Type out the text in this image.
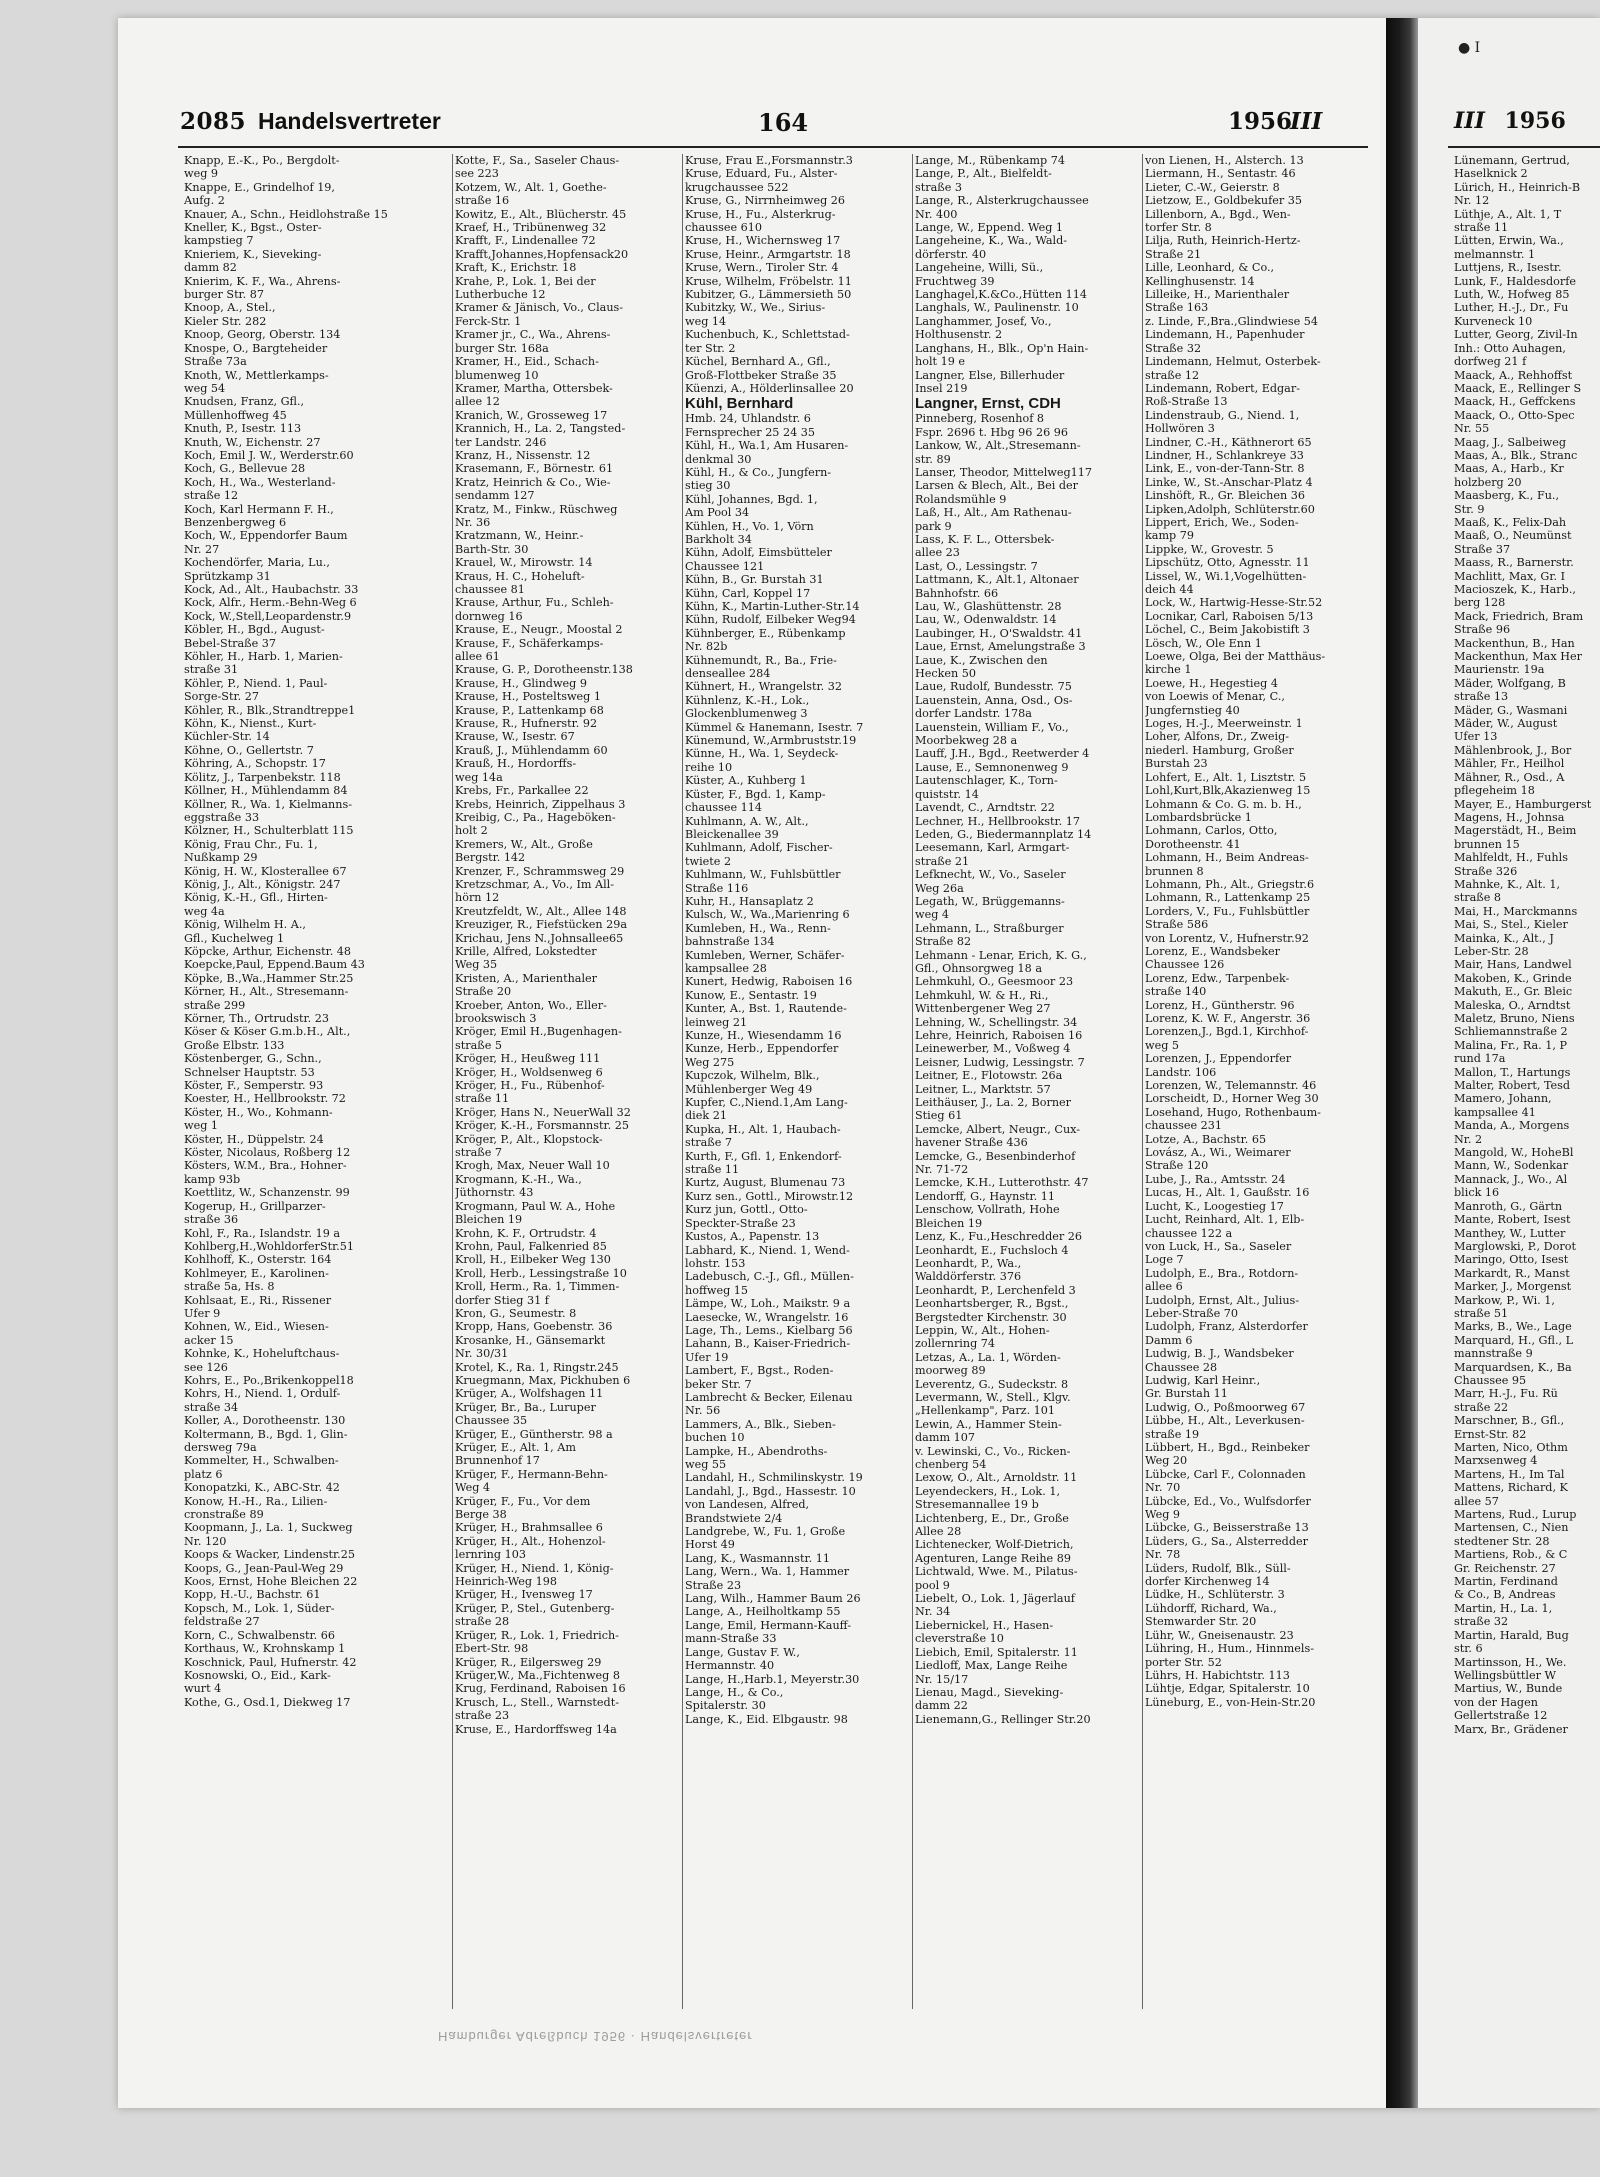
2085 Handelsvertreter	164	1956
III
Knapp, E.-K., Po., Bergdolt-
weg 9
Knappe, E., Grindelhof 19,
Aufg. 2
Knauer, A., Schn., Heidlohstraße 15
Kneller, K., Bgst., Oster-
kampstieg 7
Knieriem, K., Sieveking-
damm 82
Knierim, K. F., Wa., Ahrens-
burger Str. 87
Knoop, A., Stel.,
Kieler Str. 282
Knoop, Georg, Oberstr. 134
Knospe, O., Bargteheider
Straße 73a
Knoth, W., Mettlerkamps-
weg 54
Knudsen, Franz, Gfl.,
Müllenhoffweg 45
Knuth, P., Isestr. 113
Knuth, W., Eichenstr. 27
Koch, Emil J. W., Werderstr.60
Koch, G., Bellevue 28
Koch, H., Wa., Westerland-
straße 12
Koch, Karl Hermann F. H.,
Benzenbergweg 6
Koch, W., Eppendorfer Baum
Nr. 27
Kochendörfer, Maria, Lu.,
Sprützkamp 31
Kock, Ad., Alt., Haubachstr. 33
Kock, Alfr., Herm.-Behn-Weg 6
Kock, W.,Stell,Leopardenstr.9
Köbler, H., Bgd., August-
Bebel-Straße 37
Köhler, H., Harb. 1, Marien-
straße 31
Köhler, P., Niend. 1, Paul-
Sorge-Str. 27
Köhler, R., Blk.,Strandtreppe1
Köhn, K., Nienst., Kurt-
Küchler-Str. 14
Köhne, O., Gellertstr. 7
Köhring, A., Schopstr. 17
Kölitz, J., Tarpenbekstr. 118
Köllner, H., Mühlendamm 84
Köllner, R., Wa. 1, Kielmanns-
eggstraße 33
Kölzner, H., Schulterblatt 115
König, Frau Chr., Fu. 1,
Nußkamp 29
König, H. W., Klosterallee 67
König, J., Alt., Königstr. 247
König, K.-H., Gfl., Hirten-
weg 4a
König, Wilhelm H. A.,
Gfl., Kuchelweg 1
Köpcke, Arthur, Eichenstr. 48
Koepcke,Paul, Eppend.Baum 43
Köpke, B.,Wa.,Hammer Str.25
Körner, H., Alt., Stresemann-
straße 299
Körner, Th., Ortrudstr. 23
Köser & Köser G.m.b.H., Alt.,
Große Elbstr. 133
Köstenberger, G., Schn.,
Schnelser Hauptstr. 53
Köster, F., Semperstr. 93
Koester, H., Hellbrookstr. 72
Köster, H., Wo., Kohmann-
weg 1
Köster, H., Düppelstr. 24
Köster, Nicolaus, Roßberg 12
Kösters, W.M., Bra., Hohner-
kamp 93b
Koettlitz, W., Schanzenstr. 99
Kogerup, H., Grillparzer-
straße 36
Kohl, F., Ra., Islandstr. 19 a
Kohlberg,H.,WohldorferStr.51
Kohlhoff, K., Osterstr. 164
Kohlmeyer, E., Karolinen-
straße 5a, Hs. 8
Kohlsaat, E., Ri., Rissener
Ufer 9
Kohnen, W., Eid., Wiesen-
acker 15
Kohnke, K., Hoheluftchaus-
see 126
Kohrs, E., Po.,Brikenkoppel18
Kohrs, H., Niend. 1, Ordulf-
straße 34
Koller, A., Dorotheenstr. 130
Koltermann, B., Bgd. 1, Glin-
dersweg 79a
Kommelter, H., Schwalben-
platz 6
Konopatzki, K., ABC-Str. 42
Konow, H.-H., Ra., Lilien-
cronstraße 89
Koopmann, J., La. 1, Suckweg
Nr. 120
Koops & Wacker, Lindenstr.25
Koops, G., Jean-Paul-Weg 29
Koos, Ernst, Hohe Bleichen 22
Kopp, H.-U., Bachstr. 61
Kopsch, M., Lok. 1, Süder-
feldstraße 27
Korn, C., Schwalbenstr. 66
Korthaus, W., Krohnskamp 1
Koschnick, Paul, Hufnerstr. 42
Kosnowski, O., Eid., Kark-
wurt 4
Kothe, G., Osd.1, Diekweg 17
Kotte, F., Sa., Saseler Chaus-
see 223
Kotzem, W., Alt. 1, Goethe-
straße 16
Kowitz, E., Alt., Blücherstr. 45
Kraef, H., Tribünenweg 32
Krafft, F., Lindenallee 72
Krafft,Johannes,Hopfensack20
Kraft, K., Erichstr. 18
Krahe, P., Lok. 1, Bei der
Lutherbuche 12
Kramer & Jänisch, Vo., Claus-
Ferck-Str. 1
Kramer jr., C., Wa., Ahrens-
burger Str. 168a
Kramer, H., Eid., Schach-
blumenweg 10
Kramer, Martha, Ottersbek-
allee 12
Kranich, W., Grosseweg 17
Krannich, H., La. 2, Tangsted-
ter Landstr. 246
Kranz, H., Nissenstr. 12
Krasemann, F., Börnestr. 61
Kratz, Heinrich & Co., Wie-
sendamm 127
Kratz, M., Finkw., Rüschweg
Nr. 36
Kratzmann, W., Heinr.-
Barth-Str. 30
Krauel, W., Mirowstr. 14
Kraus, H. C., Hoheluft-
chaussee 81
Krause, Arthur, Fu., Schleh-
dornweg 16
Krause, E., Neugr., Moostal 2
Krause, F., Schäferkamps-
allee 61
Krause, G. P., Dorotheenstr.138
Krause, H., Glindweg 9
Krause, H., Posteltsweg 1
Krause, P., Lattenkamp 68
Krause, R., Hufnerstr. 92
Krause, W., Isestr. 67
Krauß, J., Mühlendamm 60
Krauß, H., Hordorffs-
weg 14a
Krebs, Fr., Parkallee 22
Krebs, Heinrich, Zippelhaus 3
Kreibig, C., Pa., Hageböken-
holt 2
Kremers, W., Alt., Große
Bergstr. 142
Krenzer, F., Schrammsweg 29
Kretzschmar, A., Vo., Im All-
hörn 12
Kreutzfeldt, W., Alt., Allee 148
Kreuziger, R., Fiefstücken 29a
Krichau, Jens N.,Johnsallee65
Krille, Alfred, Lokstedter
Weg 35
Kristen, A., Marienthaler
Straße 20
Kroeber, Anton, Wo., Eller-
brookswisch 3
Kröger, Emil H.,Bugenhagen-
straße 5
Kröger, H., Heußweg 111
Kröger, H., Woldsenweg 6
Kröger, H., Fu., Rübenhof-
straße 11
Kröger, Hans N., NeuerWall 32
Kröger, K.-H., Forsmannstr. 25
Kröger, P., Alt., Klopstock-
straße 7
Krogh, Max, Neuer Wall 10
Krogmann, K.-H., Wa.,
Jüthornstr. 43
Krogmann, Paul W. A., Hohe
Bleichen 19
Krohn, K. F., Ortrudstr. 4
Krohn, Paul, Falkenried 85
Kroll, H., Eilbeker Weg 130
Kroll, Herb., Lessingstraße 10
Kroll, Herm., Ra. 1, Timmen-
dorfer Stieg 31 f
Kron, G., Seumestr. 8
Kropp, Hans, Goebenstr. 36
Krosanke, H., Gänsemarkt
Nr. 30/31
Krotel, K., Ra. 1, Ringstr.245
Kruegmann, Max, Pickhuben 6
Krüger, A., Wolfshagen 11
Krüger, Br., Ba., Luruper
Chaussee 35
Krüger, E., Güntherstr. 98 a
Krüger, E., Alt. 1, Am
Brunnenhof 17
Krüger, F., Hermann-Behn-
Weg 4
Krüger, F., Fu., Vor dem
Berge 38
Krüger, H., Brahmsallee 6
Krüger, H., Alt., Hohenzol-
lernring 103
Krüger, H., Niend. 1, König-
Heinrich-Weg 198
Krüger, H., Ivensweg 17
Krüger, P., Stel., Gutenberg-
straße 28
Krüger, R., Lok. 1, Friedrich-
Ebert-Str. 98
Krüger, R., Eilgersweg 29
Krüger,W., Ma.,Fichtenweg 8
Krug, Ferdinand, Raboisen 16
Krusch, L., Stell., Warnstedt-
straße 23
Kruse, E., Hardorffsweg 14a
Kruse, Frau E.,Forsmannstr.3
Kruse, Eduard, Fu., Alster-
krugchaussee 522
Kruse, G., Nirrnheimweg 26
Kruse, H., Fu., Alsterkrug-
chaussee 610
Kruse, H., Wichernsweg 17
Kruse, Heinr., Armgartstr. 18
Kruse, Wern., Tiroler Str. 4
Kruse, Wilhelm, Fröbelstr. 11
Kubitzer, G., Lämmersieth 50
Kubitzky, W., We., Sirius-
weg 14
Kuchenbuch, K., Schlettstad-
ter Str. 2
Küchel, Bernhard A., Gfl.,
Groß-Flottbeker Straße 35
Küenzi, A., Hölderlinsallee 20
Kühl, Bernhard
Hmb. 24, Uhlandstr. 6
Fernsprecher 25 24 35
Kühl, H., Wa.1, Am Husaren-
denkmal 30
Kühl, H., & Co., Jungfern-
stieg 30
Kühl, Johannes, Bgd. 1,
Am Pool 34
Kühlen, H., Vo. 1, Vörn
Barkholt 34
Kühn, Adolf, Eimsbütteler
Chaussee 121
Kühn, B., Gr. Burstah 31
Kühn, Carl, Koppel 17
Kühn, K., Martin-Luther-Str.14
Kühn, Rudolf, Eilbeker Weg94
Kühnberger, E., Rübenkamp
Nr. 82b
Kühnemundt, R., Ba., Frie-
denseallee 284
Kühnert, H., Wrangelstr. 32
Kühnlenz, K.-H., Lok.,
Glockenblumenweg 3
Kümmel & Hanemann, Isestr. 7
Künemund, W.,Armbruststr.19
Künne, H., Wa. 1, Seydeck-
reihe 10
Küster, A., Kuhberg 1
Küster, F., Bgd. 1, Kamp-
chaussee 114
Kuhlmann, A. W., Alt.,
Bleickenallee 39
Kuhlmann, Adolf, Fischer-
twiete 2
Kuhlmann, W., Fuhlsbüttler
Straße 116
Kuhr, H., Hansaplatz 2
Kulsch, W., Wa.,Marienring 6
Kumleben, H., Wa., Renn-
bahnstraße 134
Kumleben, Werner, Schäfer-
kampsallee 28
Kunert, Hedwig, Raboisen 16
Kunow, E., Sentastr. 19
Kunter, A., Bst. 1, Rautende-
leinweg 21
Kunze, H., Wiesendamm 16
Kunze, Herb., Eppendorfer
Weg 275
Kupczok, Wilhelm, Blk.,
Mühlenberger Weg 49
Kupfer, C.,Niend.1,Am Lang-
diek 21
Kupka, H., Alt. 1, Haubach-
straße 7
Kurth, F., Gfl. 1, Enkendorf-
straße 11
Kurtz, August, Blumenau 73
Kurz sen., Gottl., Mirowstr.12
Kurz jun, Gottl., Otto-
Speckter-Straße 23
Kustos, A., Papenstr. 13
Labhard, K., Niend. 1, Wend-
lohstr. 153
Ladebusch, C.-J., Gfl., Müllen-
hoffweg 15
Lämpe, W., Loh., Maikstr. 9 a
Laesecke, W., Wrangelstr. 16
Lage, Th., Lems., Kielbarg 56
Lahann, B., Kaiser-Friedrich-
Ufer 19
Lambert, F., Bgst., Roden-
beker Str. 7
Lambrecht & Becker, Eilenau
Nr. 56
Lammers, A., Blk., Sieben-
buchen 10
Lampke, H., Abendroths-
weg 55
Landahl, H., Schmilinskystr. 19
Landahl, J., Bgd., Hassestr. 10
von Landesen, Alfred,
Brandstwiete 2/4
Landgrebe, W., Fu. 1, Große
Horst 49
Lang, K., Wasmannstr. 11
Lang, Wern., Wa. 1, Hammer
Straße 23
Lang, Wilh., Hammer Baum 26
Lange, A., Heilholtkamp 55
Lange, Emil, Hermann-Kauff-
mann-Straße 33
Lange, Gustav F. W.,
Hermannstr. 40
Lange, H.,Harb.1, Meyerstr.30
Lange, H., & Co.,
Spitalerstr. 30
Lange, K., Eid. Elbgaustr. 98
Lange, M., Rübenkamp 74
Lange, P., Alt., Bielfeldt-
straße 3
Lange, R., Alsterkrugchaussee
Nr. 400
Lange, W., Eppend. Weg 1
Langeheine, K., Wa., Wald-
dörferstr. 40
Langeheine, Willi, Sü.,
Fruchtweg 39
Langhagel,K.&Co.,Hütten 114
Langhals, W., Paulinenstr. 10
Langhammer, Josef, Vo.,
Holthusenstr. 2
Langhans, H., Blk., Op'n Hain-
holt 19 e
Langner, Else, Billerhuder
Insel 219
Langner, Ernst, CDH
Pinneberg, Rosenhof 8
Fspr. 2696 t. Hbg 96 26 96
Lankow, W., Alt.,Stresemann-
str. 89
Lanser, Theodor, Mittelweg117
Larsen & Blech, Alt., Bei der
Rolandsmühle 9
Laß, H., Alt., Am Rathenau-
park 9
Lass, K. F. L., Ottersbek-
allee 23
Last, O., Lessingstr. 7
Lattmann, K., Alt.1, Altonaer
Bahnhofstr. 66
Lau, W., Glashüttenstr. 28
Lau, W., Odenwaldstr. 14
Laubinger, H., O'Swaldstr. 41
Laue, Ernst, Amelungstraße 3
Laue, K., Zwischen den
Hecken 50
Laue, Rudolf, Bundesstr. 75
Lauenstein, Anna, Osd., Os-
dorfer Landstr. 178a
Lauenstein, William F., Vo.,
Moorbekweg 28 a
Lauff, J.H., Bgd., Reetwerder 4
Lause, E., Semnonenweg 9
Lautenschlager, K., Torn-
quiststr. 14
Lavendt, C., Arndtstr. 22
Lechner, H., Hellbrookstr. 17
Leden, G., Biedermannplatz 14
Leesemann, Karl, Armgart-
straße 21
Lefknecht, W., Vo., Saseler
Weg 26a
Legath, W., Brüggemanns-
weg 4
Lehmann, L., Straßburger
Straße 82
Lehmann - Lenar, Erich, K. G.,
Gfl., Ohnsorgweg 18 a
Lehmkuhl, O., Geesmoor 23
Lehmkuhl, W. & H., Ri.,
Wittenbergener Weg 27
Lehning, W., Schellingstr. 34
Lehre, Heinrich, Raboisen 16
Leinewerber, M., Voßweg 4
Leisner, Ludwig, Lessingstr. 7
Leitner, E., Flotowstr. 26a
Leitner, L., Marktstr. 57
Leithäuser, J., La. 2, Borner
Stieg 61
Lemcke, Albert, Neugr., Cux-
havener Straße 436
Lemcke, G., Besenbinderhof
Nr. 71-72
Lemcke, K.H., Lutterothstr. 47
Lendorff, G., Haynstr. 11
Lenschow, Vollrath, Hohe
Bleichen 19
Lenz, K., Fu.,Heschredder 26
Leonhardt, E., Fuchsloch 4
Leonhardt, P., Wa.,
Walddörferstr. 376
Leonhardt, P., Lerchenfeld 3
Leonhartsberger, R., Bgst.,
Bergstedter Kirchenstr. 30
Leppin, W., Alt., Hohen-
zollernring 74
Letzas, A., La. 1, Wörden-
moorweg 89
Leverentz, G., Sudeckstr. 8
Levermann, W., Stell., Klgv.
„Hellenkamp", Parz. 101
Lewin, A., Hammer Stein-
damm 107
v. Lewinski, C., Vo., Ricken-
chenberg 54
Lexow, O., Alt., Arnoldstr. 11
Leyendeckers, H., Lok. 1,
Stresemannallee 19 b
Lichtenberg, E., Dr., Große
Allee 28
Lichtenecker, Wolf-Dietrich,
Agenturen, Lange Reihe 89
Lichtwald, Wwe. M., Pilatus-
pool 9
Liebelt, O., Lok. 1, Jägerlauf
Nr. 34
Liebernickel, H., Hasen-
cleverstraße 10
Liebich, Emil, Spitalerstr. 11
Liedloff, Max, Lange Reihe
Nr. 15/17
Lienau, Magd., Sieveking-
damm 22
Lienemann,G., Rellinger Str.20
von Lienen, H., Alsterch. 13
Liermann, H., Sentastr. 46
Lieter, C.-W., Geierstr. 8
Lietzow, E., Goldbekufer 35
Lillenborn, A., Bgd., Wen-
torfer Str. 8
Lilja, Ruth, Heinrich-Hertz-
Straße 21
Lille, Leonhard, & Co.,
Kellinghusenstr. 14
Lilleike, H., Marienthaler
Straße 163
z. Linde, F.,Bra.,Glindwiese 54
Lindemann, H., Papenhuder
Straße 32
Lindemann, Helmut, Osterbek-
straße 12
Lindemann, Robert, Edgar-
Roß-Straße 13
Lindenstraub, G., Niend. 1,
Hollwören 3
Lindner, C.-H., Käthnerort 65
Lindner, H., Schlankreye 33
Link, E., von-der-Tann-Str. 8
Linke, W., St.-Anschar-Platz 4
Linshöft, R., Gr. Bleichen 36
Lipken,Adolph, Schlüterstr.60
Lippert, Erich, We., Soden-
kamp 79
Lippke, W., Grovestr. 5
Lipschütz, Otto, Agnesstr. 11
Lissel, W., Wi.1,Vogelhütten-
deich 44
Lock, W., Hartwig-Hesse-Str.52
Locnikar, Carl, Raboisen 5/13
Löchel, C., Beim Jakobistift 3
Lösch, W., Ole Enn 1
Loewe, Olga, Bei der Matthäus-
kirche 1
Loewe, H., Hegestieg 4
von Loewis of Menar, C.,
Jungfernstieg 40
Loges, H.-J., Meerweinstr. 1
Loher, Alfons, Dr., Zweig-
niederl. Hamburg, Großer
Burstah 23
Lohfert, E., Alt. 1, Lisztstr. 5
Lohl,Kurt,Blk,Akazienweg 15
Lohmann & Co. G. m. b. H.,
Lombardsbrücke 1
Lohmann, Carlos, Otto,
Dorotheenstr. 41
Lohmann, H., Beim Andreas-
brunnen 8
Lohmann, Ph., Alt., Griegstr.6
Lohmann, R., Lattenkamp 25
Lorders, V., Fu., Fuhlsbüttler
Straße 586
von Lorentz, V., Hufnerstr.92
Lorenz, E., Wandsbeker
Chaussee 126
Lorenz, Edw., Tarpenbek-
straße 140
Lorenz, H., Güntherstr. 96
Lorenz, K. W. F., Angerstr. 36
Lorenzen,J., Bgd.1, Kirchhof-
weg 5
Lorenzen, J., Eppendorfer
Landstr. 106
Lorenzen, W., Telemannstr. 46
Lorscheidt, D., Horner Weg 30
Losehand, Hugo, Rothenbaum-
chaussee 231
Lotze, A., Bachstr. 65
Lovász, A., Wi., Weimarer
Straße 120
Lube, J., Ra., Amtsstr. 24
Lucas, H., Alt. 1, Gaußstr. 16
Lucht, K., Loogestieg 17
Lucht, Reinhard, Alt. 1, Elb-
chaussee 122 a
von Luck, H., Sa., Saseler
Loge 7
Ludolph, E., Bra., Rotdorn-
allee 6
Ludolph, Ernst, Alt., Julius-
Leber-Straße 70
Ludolph, Franz, Alsterdorfer
Damm 6
Ludwig, B. J., Wandsbeker
Chaussee 28
Ludwig, Karl Heinr.,
Gr. Burstah 11
Ludwig, O., Poßmoorweg 67
Lübbe, H., Alt., Leverkusen-
straße 19
Lübbert, H., Bgd., Reinbeker
Weg 20
Lübcke, Carl F., Colonnaden
Nr. 70
Lübcke, Ed., Vo., Wulfsdorfer
Weg 9
Lübcke, G., Beisserstraße 13
Lüders, G., Sa., Alsterredder
Nr. 78
Lüders, Rudolf, Blk., Süll-
dorfer Kirchenweg 14
Lüdke, H., Schlüterstr. 3
Lühdorff, Richard, Wa.,
Stemwarder Str. 20
Lühr, W., Gneisenaustr. 23
Lühring, H., Hum., Hinnmels-
porter Str. 52
Lührs, H. Habichtstr. 113
Lühtje, Edgar, Spitalerstr. 10
Lüneburg, E., von-Hein-Str.20
Hamburger Adreßbuch 1956 · Handelsvertreter
● I
III 1956
Lünemann, Gertrud,
Haselknick 2
Lürich, H., Heinrich-B
Nr. 12
Lüthje, A., Alt. 1, T
straße 11
Lütten, Erwin, Wa.,
melmannstr. 1
Luttjens, R., Isestr.
Lunk, F., Haldesdorfe
Luth, W., Hofweg 85
Luther, H.-J., Dr., Fu
Kurveneck 10
Lutter, Georg, Zivil-In
Inh.: Otto Auhagen,
dorfweg 21 f
Maack, A., Rehhoffst
Maack, E., Rellinger S
Maack, H., Geffckens
Maack, O., Otto-Spec
Nr. 55
Maag, J., Salbeiweg
Maas, A., Blk., Stranc
Maas, A., Harb., Kr
holzberg 20
Maasberg, K., Fu.,
Str. 9
Maaß, K., Felix-Dah
Maaß, O., Neumünst
Straße 37
Maass, R., Barnerstr.
Machlitt, Max, Gr. I
Macioszek, K., Harb.,
berg 128
Mack, Friedrich, Bram
Straße 96
Mackenthun, B., Han
Mackenthun, Max Her
Maurienstr. 19a
Mäder, Wolfgang, B
straße 13
Mäder, G., Wasmani
Mäder, W., August
Ufer 13
Mählenbrook, J., Bor
Mähler, Fr., Heilhol
Mähner, R., Osd., A
pflegeheim 18
Mayer, E., Hamburgerst
Magens, H., Johnsa
Magerstädt, H., Beim
brunnen 15
Mahlfeldt, H., Fuhls
Straße 326
Mahnke, K., Alt. 1,
straße 8
Mai, H., Marckmanns
Mai, S., Stel., Kieler
Mainka, K., Alt., J
Leber-Str. 28
Mair, Hans, Landwel
Makoben, K., Grinde
Makuth, E., Gr. Bleic
Maleska, O., Arndtst
Maletz, Bruno, Niens
Schliemannstraße 2
Malina, Fr., Ra. 1, P
rund 17a
Mallon, T., Hartungs
Malter, Robert, Tesd
Mamero, Johann,
kampsallee 41
Manda, A., Morgens
Nr. 2
Mangold, W., HoheBl
Mann, W., Sodenkar
Mannack, J., Wo., Al
blick 16
Manroth, G., Gärtn
Mante, Robert, Isest
Manthey, W., Lutter
Marglowski, P., Dorot
Maringo, Otto, Isest
Markardt, R., Manst
Marker, J., Morgenst
Markow, P., Wi. 1,
straße 51
Marks, B., We., Lage
Marquard, H., Gfl., L
mannstraße 9
Marquardsen, K., Ba
Chaussee 95
Marr, H.-J., Fu. Rü
straße 22
Marschner, B., Gfl.,
Ernst-Str. 82
Marten, Nico, Othm
Marxsenweg 4
Martens, H., Im Tal
Mattens, Richard, K
allee 57
Martens, Rud., Lurup
Martensen, C., Nien
stedtener Str. 28
Martiens, Rob., & C
Gr. Reichenstr. 27
Martin, Ferdinand
& Co., B, Andreas
Martin, H., La. 1,
straße 32
Martin, Harald, Bug
str. 6
Martinsson, H., We.
Wellingsbüttler W
Martius, W., Bunde
von der Hagen
Gellertstraße 12
Marx, Br., Grädener
